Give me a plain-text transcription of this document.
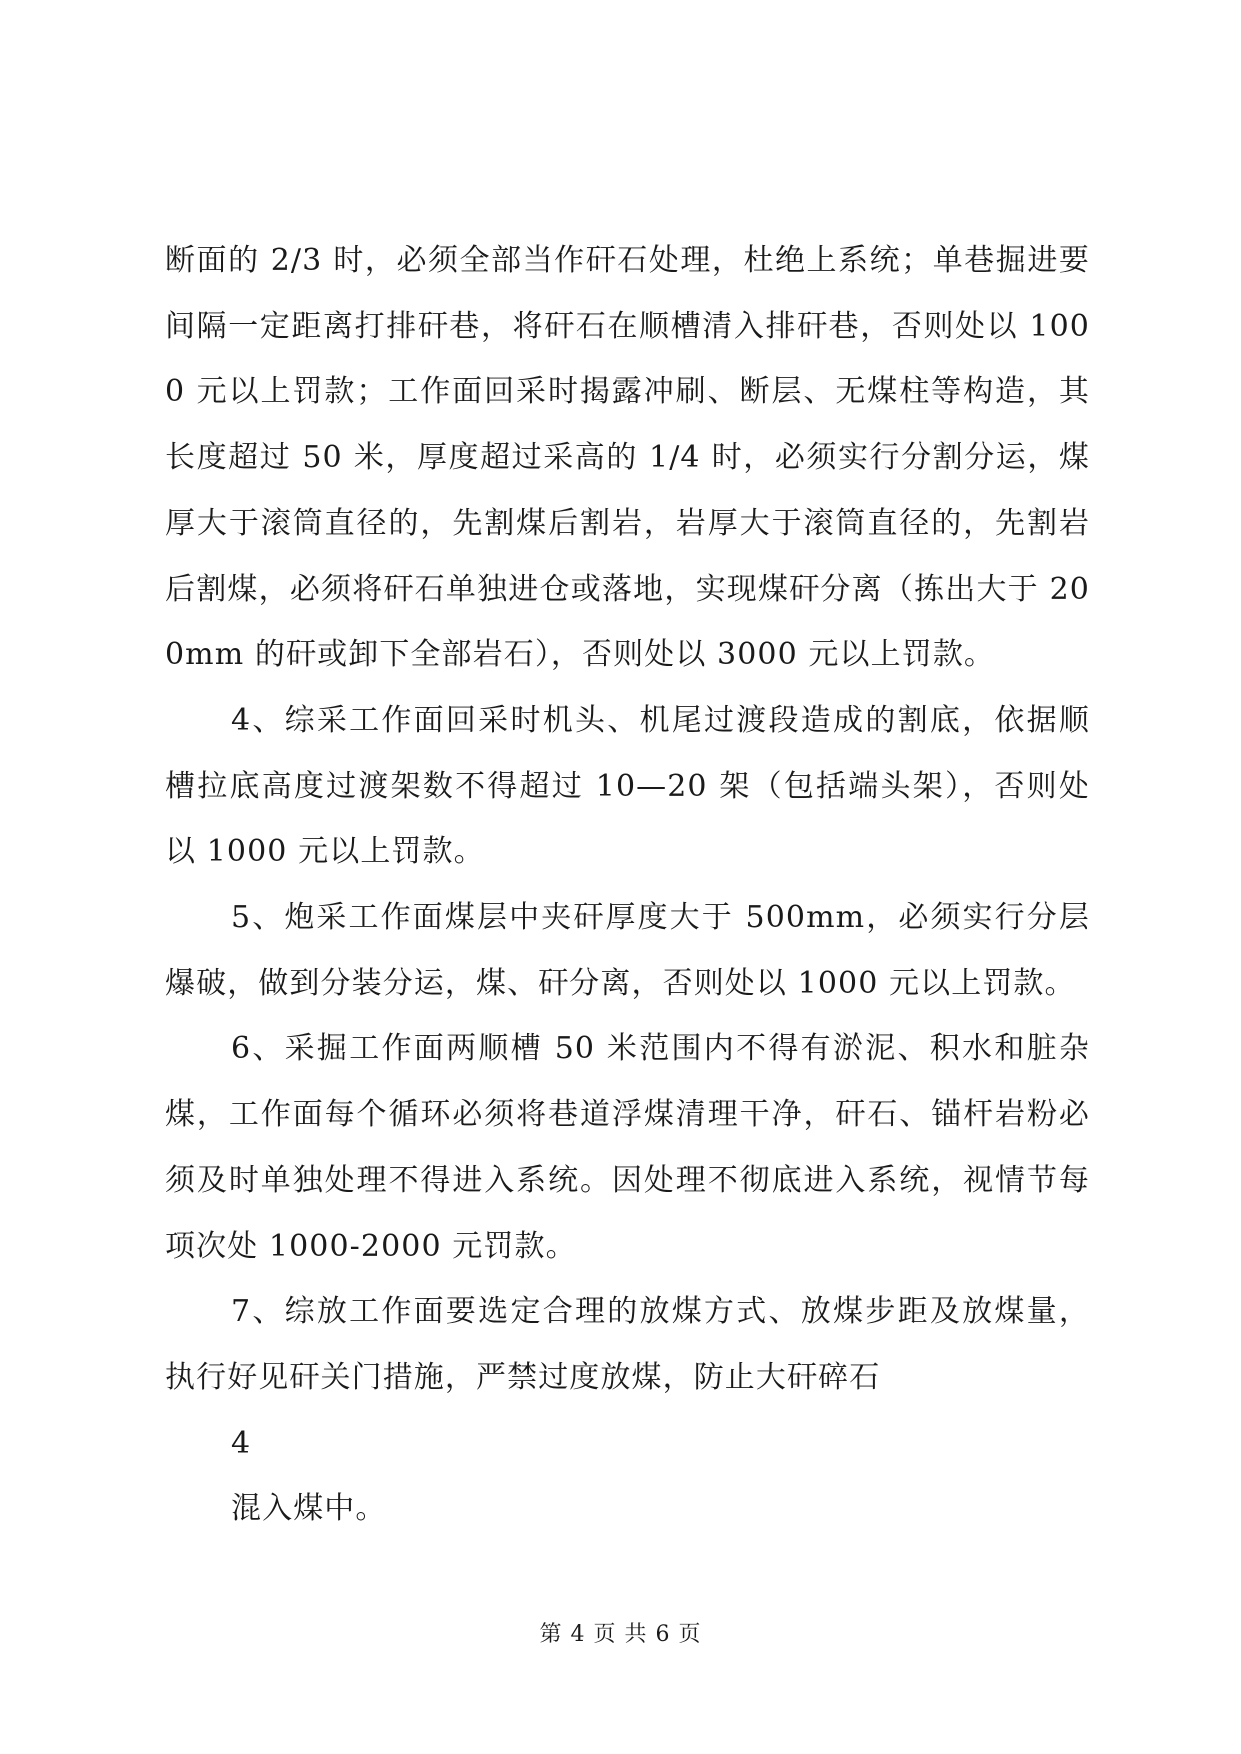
断面的 2/3 时，必须全部当作矸石处理，杜绝上系统；单巷掘进要间隔一定距离打排矸巷，将矸石在顺槽清入排矸巷，否则处以 1000 元以上罚款；工作面回采时揭露冲刷、断层、无煤柱等构造，其长度超过 50 米，厚度超过采高的 1/4 时，必须实行分割分运，煤厚大于滚筒直径的，先割煤后割岩，岩厚大于滚筒直径的，先割岩后割煤，必须将矸石单独进仓或落地，实现煤矸分离（拣出大于 200mm 的矸或卸下全部岩石），否则处以 3000 元以上罚款。

4、综采工作面回采时机头、机尾过渡段造成的割底，依据顺槽拉底高度过渡架数不得超过 10—20 架（包括端头架），否则处以 1000 元以上罚款。

5、炮采工作面煤层中夹矸厚度大于 500mm，必须实行分层爆破，做到分装分运，煤、矸分离，否则处以 1000 元以上罚款。

6、采掘工作面两顺槽 50 米范围内不得有淤泥、积水和脏杂煤，工作面每个循环必须将巷道浮煤清理干净，矸石、锚杆岩粉必须及时单独处理不得进入系统。因处理不彻底进入系统，视情节每项次处 1000-2000 元罚款。

7、综放工作面要选定合理的放煤方式、放煤步距及放煤量，执行好见矸关门措施，严禁过度放煤，防止大矸碎石

4

混入煤中。

第 4 页 共 6 页
